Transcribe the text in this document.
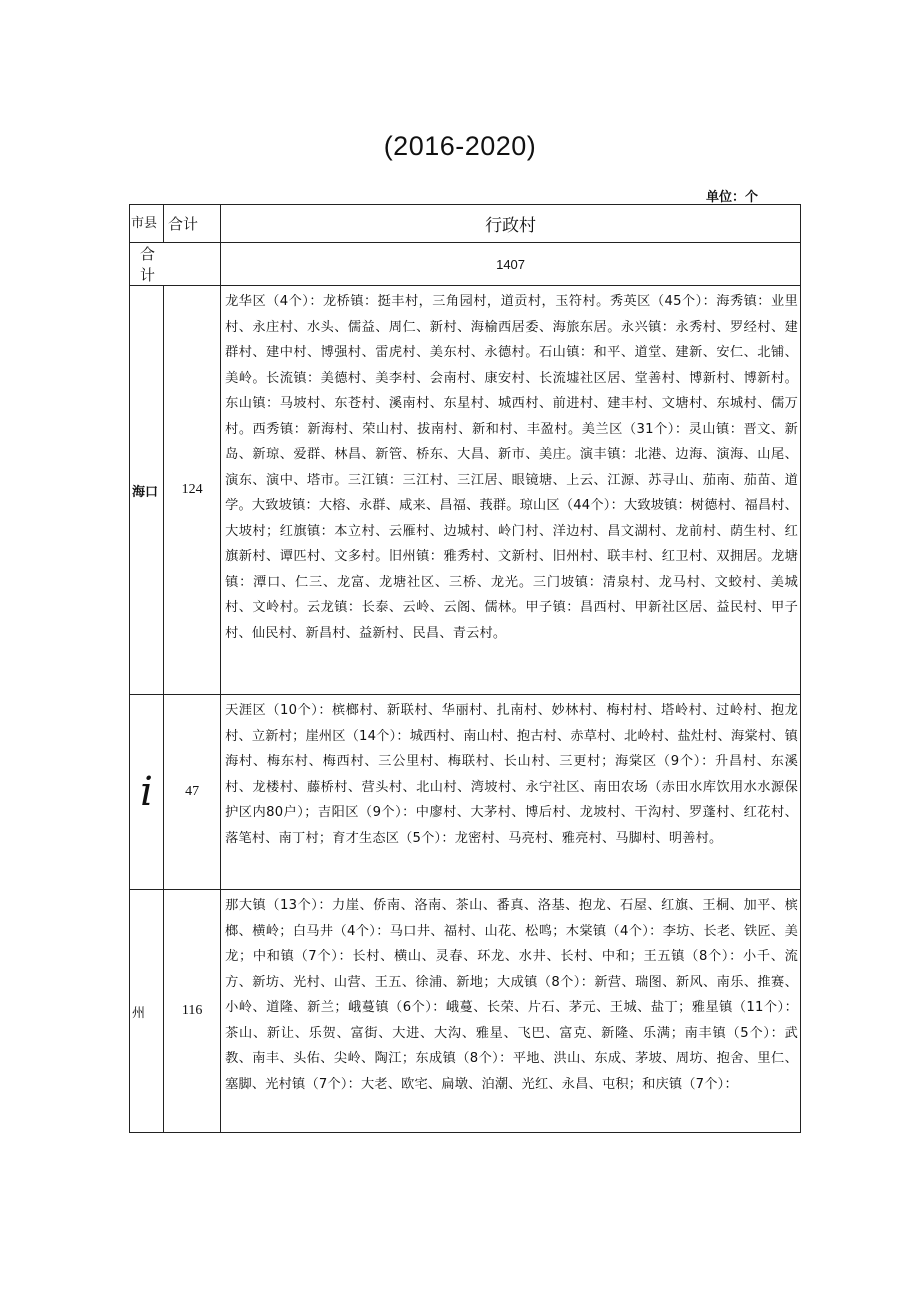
(2016-2020)
单位：个
市县	合计	行政村
合计		1407
海口	124	龙华区（4个）：龙桥镇：挺丰村，三角园村，道贡村，玉符村。秀英区（45个）：海秀镇：业里村、永庄村、水头、儒益、周仁、新村、海榆西居委、海旅东居。永兴镇：永秀村、罗经村、建群村、建中村、博强村、雷虎村、美东村、永德村。石山镇：和平、道堂、建新、安仁、北铺、美岭。长流镇：美德村、美李村、会南村、康安村、长流墟社区居、堂善村、博新村、博新村。东山镇：马坡村、东苍村、溪南村、东星村、城西村、前进村、建丰村、文塘村、东城村、儒万村。西秀镇：新海村、荣山村、拔南村、新和村、丰盈村。美兰区（31个）：灵山镇：晋文、新岛、新琼、爱群、林昌、新管、桥东、大昌、新市、美庄。演丰镇：北港、边海、演海、山尾、演东、演中、塔市。三江镇：三江村、三江居、眼镜塘、上云、江源、苏寻山、茄南、茄苗、道学。大致坡镇：大榕、永群、咸来、昌福、莪群。琼山区（44个）：大致坡镇：树德村、福昌村、大坡村；红旗镇：本立村、云雁村、边城村、岭门村、洋边村、昌文湖村、龙前村、荫生村、红旗新村、谭匹村、文多村。旧州镇：雅秀村、文新村、旧州村、联丰村、红卫村、双拥居。龙塘镇：潭口、仁三、龙富、龙塘社区、三桥、龙光。三门坡镇：清泉村、龙马村、文蛟村、美城村、文岭村。云龙镇：长泰、云岭、云阁、儒林。甲子镇：昌西村、甲新社区居、益民村、甲子村、仙民村、新昌村、益新村、民昌、青云村。
i	47	天涯区（10个）：槟榔村、新联村、华丽村、扎南村、妙林村、梅村村、塔岭村、过岭村、抱龙村、立新村；崖州区（14个）：城西村、南山村、抱古村、赤草村、北岭村、盐灶村、海棠村、镇海村、梅东村、梅西村、三公里村、梅联村、长山村、三更村；海棠区（9个）：升昌村、东溪村、龙楼村、藤桥村、营头村、北山村、湾坡村、永宁社区、南田农场（赤田水库饮用水水源保护区内80户）；吉阳区（9个）：中廖村、大茅村、博后村、龙坡村、干沟村、罗蓬村、红花村、落笔村、南丁村；育才生态区（5个）：龙密村、马亮村、雅亮村、马脚村、明善村。
州	116	那大镇（13个）：力崖、侨南、洛南、茶山、番真、洛基、抱龙、石屋、红旗、王桐、加平、槟榔、横岭；白马井（4个）：马口井、福村、山花、松鸣；木棠镇（4个）：李坊、长老、铁匠、美龙；中和镇（7个）：长村、横山、灵春、环龙、水井、长村、中和；王五镇（8个）：小千、流方、新坊、光村、山营、王五、徐浦、新地；大成镇（8个）：新营、瑞图、新风、南乐、推赛、小岭、道隆、新兰；峨蔓镇（6个）：峨蔓、长荣、片石、茅元、王城、盐丁；雅星镇（11个）：茶山、新让、乐贺、富街、大进、大沟、雅星、飞巴、富克、新隆、乐满；南丰镇（5个）：武教、南丰、头佑、尖岭、陶江；东成镇（8个）：平地、洪山、东成、茅坡、周坊、抱舍、里仁、塞脚、光村镇（7个）：大老、欧宅、扁墩、泊潮、光红、永昌、屯积；和庆镇（7个）：
